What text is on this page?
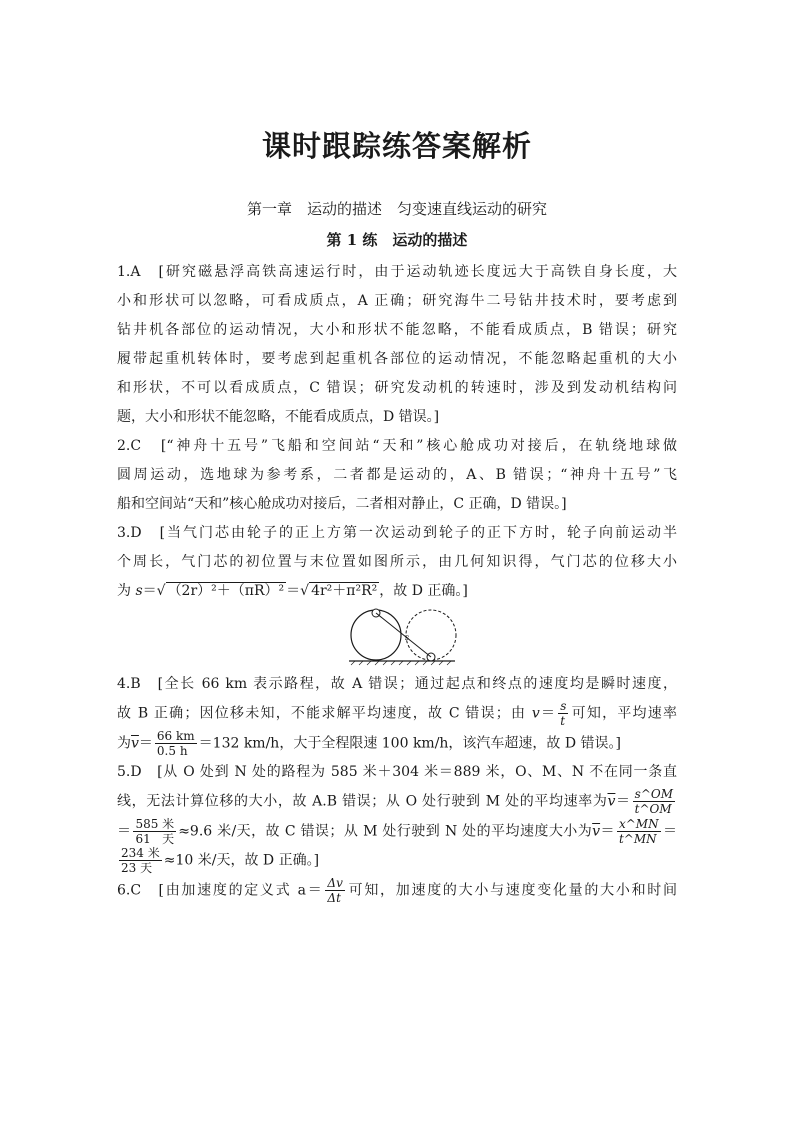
课时跟踪练答案解析
第一章　运动的描述　匀变速直线运动的研究
第 1 练　运动的描述
1.A　[研究磁悬浮高铁高速运行时，由于运动轨迹长度远大于高铁自身长度，大
小和形状可以忽略，可看成质点，A 正确；研究海牛二号钻井技术时，要考虑到
钻井机各部位的运动情况，大小和形状不能忽略，不能看成质点，B 错误；研究
履带起重机转体时，要考虑到起重机各部位的运动情况，不能忽略起重机的大小
和形状，不可以看成质点，C 错误；研究发动机的转速时，涉及到发动机结构问
题，大小和形状不能忽略，不能看成质点，D 错误。]
2.C　[“神舟十五号”飞船和空间站“天和”核心舱成功对接后，在轨绕地球做
圆周运动，选地球为参考系，二者都是运动的，A、B 错误；“神舟十五号”飞
船和空间站“天和”核心舱成功对接后，二者相对静止，C 正确，D 错误。]
3.D　[当气门芯由轮子的正上方第一次运动到轮子的正下方时，轮子向前运动半
个周长，气门芯的初位置与末位置如图所示，由几何知识得，气门芯的位移大小
为 s＝√ （2r）²＋（πR）² ＝√ 4r²＋π²R² ，故 D 正确。]
s
4.B　[全长 66 km 表示路程，故 A 错误；通过起点和终点的速度均是瞬时速度，
故 B 正确；因位移未知，不能求解平均速度，故 C 错误；由 $v= \frac{s}{t}$ 可知，平均速率
为$\overline{v}= \frac{66 km}{0.5 h} =132$ km/h，大于全程限速 100 km/h，该汽车超速，故 D 错误。]
5.D　[从 O 处到 N 处的路程为 585 米＋304 米＝889 米，O、M、N 不在同一条直
线，无法计算位移的大小，故 A.B 错误；从 O 处行驶到 M 处的平均速率为$\overline{v}= \frac{s\^{}OM}{t\^{}OM}$
＝ $\frac{\text{585 米}}{\text{61 天}} \approx 9.6$ 米/天，故 C 错误；从 M 处行驶到 N 处的平均速度大小为$\overline{v}= \frac{x\^{}MN}{t\^{}MN}$ ＝
$\frac{\text{234 米}}{\text{23 天}} \approx 10$ 米/天，故 D 正确。]
6.C　[由加速度的定义式 $a= \frac{\Delta v}{\Delta t}$ 可知，加速度的大小与速度变化量的大小和时间
